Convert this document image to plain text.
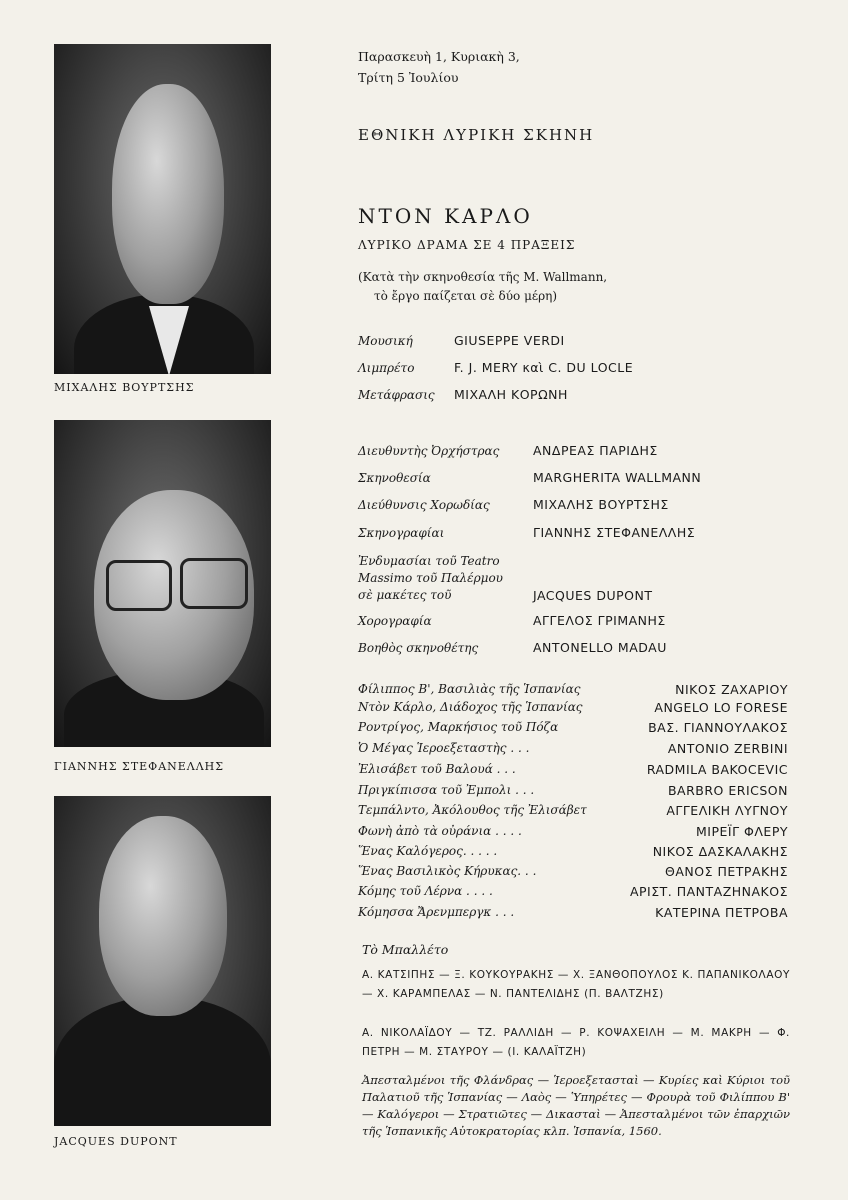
ΜΙΧΑΛΗΣ ΒΟΥΡΤΣΗΣ
ΓΙΑΝΝΗΣ ΣΤΕΦΑΝΕΛΛΗΣ
JACQUES DUPONT
Παρασκευὴ 1, Κυριακὴ 3,
Τρίτη 5 Ἰουλίου
ΕΘΝΙΚΗ ΛΥΡΙΚΗ ΣΚΗΝΗ
ΝΤΟΝ ΚΑΡΛΟ
ΛΥΡΙΚΟ ΔΡΑΜΑ ΣΕ 4 ΠΡΑΞΕΙΣ
(Κατὰ τὴν σκηνοθεσία τῆς M. Wallmann,
τὸ ἔργο παίζεται σὲ δύο μέρη)
Μουσική	GIUSEPPE VERDI
Λιμπρέτο	F. J. MERY καὶ C. DU LOCLE
Μετάφρασις ΜΙΧΑΛΗ ΚΟΡΩΝΗ
Διευθυντὴς Ὀρχήστρας	ΑΝΔΡΕΑΣ ΠΑΡΙΔΗΣ
Σκηνοθεσία	MARGHERITA WALLMANN
Διεύθυνσις Χορωδίας	ΜΙΧΑΛΗΣ ΒΟΥΡΤΣΗΣ
Σκηνογραφίαι	ΓΙΑΝΝΗΣ ΣΤΕΦΑΝΕΛΛΗΣ
Ἐνδυμασίαι τοῦ Teatro
Massimo τοῦ Παλέρμου
σὲ μακέτες τοῦ	JACQUES DUPONT
Χορογραφία	ΑΓΓΕΛΟΣ ΓΡΙΜΑΝΗΣ
Βοηθὸς σκηνοθέτης	ANTONELLO MADAU
Φίλιππος Β', Βασιλιὰς τῆς Ἱσπανίας	ΝΙΚΟΣ ΖΑΧΑΡΙΟΥ
Ντὸν Κάρλο, Διάδοχος τῆς Ἱσπανίας	ANGELO LO FORESE
Ροντρίγος, Μαρκήσιος τοῦ Πόζα	ΒΑΣ. ΓΙΑΝΝΟΥΛΑΚΟΣ
Ὁ Μέγας Ἱεροεξεταστὴς . . .	ANTONIO ZERBINI
Ἐλισάβετ τοῦ Βαλουά . . .	RADMILA BAKOCEVIC
Πριγκίπισσα τοῦ Ἐμπολι . . .	BARBRO ERICSON
Τεμπάλντο, Ἀκόλουθος τῆς Ἐλισάβετ	ΑΓΓΕΛΙΚΗ ΛΥΓΝΟΥ
Φωνὴ ἀπὸ τὰ οὐράνια . . . .	ΜΙΡΕΪΓ ΦΛΕΡΥ
Ἕνας Καλόγερος. . . . .	ΝΙΚΟΣ ΔΑΣΚΑΛΑΚΗΣ
Ἕνας Βασιλικὸς Κήρυκας. . .	ΘΑΝΟΣ ΠΕΤΡΑΚΗΣ
Κόμης τοῦ Λέρνα . . . .	ΑΡΙΣΤ. ΠΑΝΤΑΖΗΝΑΚΟΣ
Κόμησσα Ἄρενμπεργκ . . .	ΚΑΤΕΡΙΝΑ ΠΕΤΡΟΒΑ
Τὸ Μπαλλέτο
Α. ΚΑΤΣΙΠΗΣ — Ξ. ΚΟΥΚΟΥΡΑΚΗΣ — Χ. ΞΑΝΘΟΠΟΥΛΟΣ Κ. ΠΑΠΑΝΙΚΟΛΑΟΥ — Χ. ΚΑΡΑΜΠΕΛΑΣ — Ν. ΠΑΝΤΕΛΙΔΗΣ (Π. ΒΑΛΤΖΗΣ)
Α. ΝΙΚΟΛΑΪΔΟΥ — ΤΖ. ΡΑΛΛΙΔΗ — Ρ. ΚΟΨΑΧΕΙΛΗ — Μ. ΜΑΚΡΗ — Φ. ΠΕΤΡΗ — Μ. ΣΤΑΥΡΟΥ — (Ι. ΚΑΛΑΪΤΖΗ)
Ἀπεσταλμένοι τῆς Φλάνδρας — Ἱεροεξετασταὶ — Κυρίες καὶ Κύριοι τοῦ Παλατιοῦ τῆς Ἱσπανίας — Λαὸς — Ὑπηρέτες — Φρουρὰ τοῦ Φιλίππου Β' — Καλόγεροι — Στρατιῶτες — Δικασταὶ — Ἀπεσταλμένοι τῶν ἐπαρχιῶν τῆς Ἱσπανικῆς Αὐτοκρατορίας κλπ. Ἱσπανία, 1560.
